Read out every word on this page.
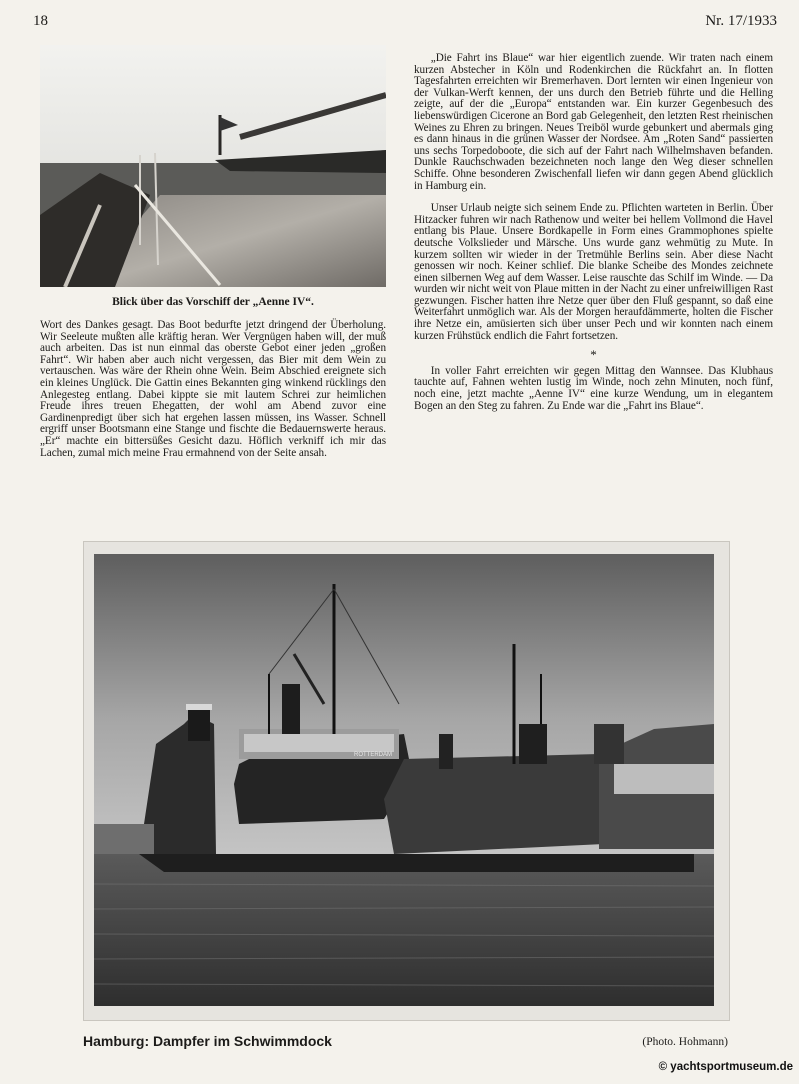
18	Nr. 17/1933
Blick über das Vorschiff der „Aenne IV“.

Wort des Dankes gesagt. Das Boot bedurfte jetzt dringend der Überholung. Wir Seeleute mußten alle kräftig heran. Wer Vergnügen haben will, der muß auch arbeiten. Das ist nun einmal das oberste Gebot einer jeden „großen Fahrt“. Wir haben aber auch nicht vergessen, das Bier mit dem Wein zu vertauschen. Was wäre der Rhein ohne Wein. Beim Abschied ereignete sich ein kleines Unglück. Die Gattin eines Bekannten ging winkend rücklings den Anlegesteg entlang. Dabei kippte sie mit lautem Schrei zur heimlichen Freude ihres treuen Ehegatten, der wohl am Abend zuvor eine Gardinenpredigt über sich hat ergehen lassen müssen, ins Wasser. Schnell ergriff unser Bootsmann eine Stange und fischte die Bedauernswerte heraus. „Er“ machte ein bittersüßes Gesicht dazu. Höflich verkniff ich mir das Lachen, zumal mich meine Frau ermahnend von der Seite ansah.

„Die Fahrt ins Blaue“ war hier eigentlich zuende. Wir traten nach einem kurzen Abstecher in Köln und Rodenkirchen die Rückfahrt an. In flotten Tagesfahrten erreichten wir Bremerhaven. Dort lernten wir einen Ingenieur von der Vulkan-Werft kennen, der uns durch den Betrieb führte und die Helling zeigte, auf der die „Europa“ entstanden war. Ein kurzer Gegenbesuch des liebenswürdigen Cicerone an Bord gab Gelegenheit, den letzten Rest rheinischen Weines zu Ehren zu bringen. Neues Treiböl wurde gebunkert und abermals ging es dann hinaus in die grünen Wasser der Nordsee. Am „Roten Sand“ passierten uns sechs Torpedoboote, die sich auf der Fahrt nach Wilhelmshaven befanden. Dunkle Rauchschwaden bezeichneten noch lange den Weg dieser schnellen Schiffe. Ohne besonderen Zwischenfall liefen wir dann gegen Abend glücklich in Hamburg ein.

Unser Urlaub neigte sich seinem Ende zu. Pflichten warteten in Berlin. Über Hitzacker fuhren wir nach Rathenow und weiter bei hellem Vollmond die Havel entlang bis Plaue. Unsere Bordkapelle in Form eines Grammophones spielte deutsche Volkslieder und Märsche. Uns wurde ganz wehmütig zu Mute. In kurzem sollten wir wieder in der Tretmühle Berlins sein. Aber diese Nacht genossen wir noch. Keiner schlief. Die blanke Scheibe des Mondes zeichnete einen silbernen Weg auf dem Wasser. Leise rauschte das Schilf im Winde. — Da wurden wir nicht weit von Plaue mitten in der Nacht zu einer unfreiwilligen Rast gezwungen. Fischer hatten ihre Netze quer über den Fluß gespannt, so daß eine Weiterfahrt unmöglich war. Als der Morgen heraufdämmerte, holten die Fischer ihre Netze ein, amüsierten sich über unser Pech und wir konnten nach einem kurzen Frühstück endlich die Fahrt fortsetzen.

*

In voller Fahrt erreichten wir gegen Mittag den Wannsee. Das Klubhaus tauchte auf, Fahnen wehten lustig im Winde, noch zehn Minuten, noch fünf, noch eine, jetzt machte „Aenne IV“ eine kurze Wendung, um in elegantem Bogen an den Steg zu fahren. Zu Ende war die „Fahrt ins Blaue“.

ROTTERDAM
Hamburg: Dampfer im Schwimmdock	(Photo. Hohmann)
© yachtsportmuseum.de
